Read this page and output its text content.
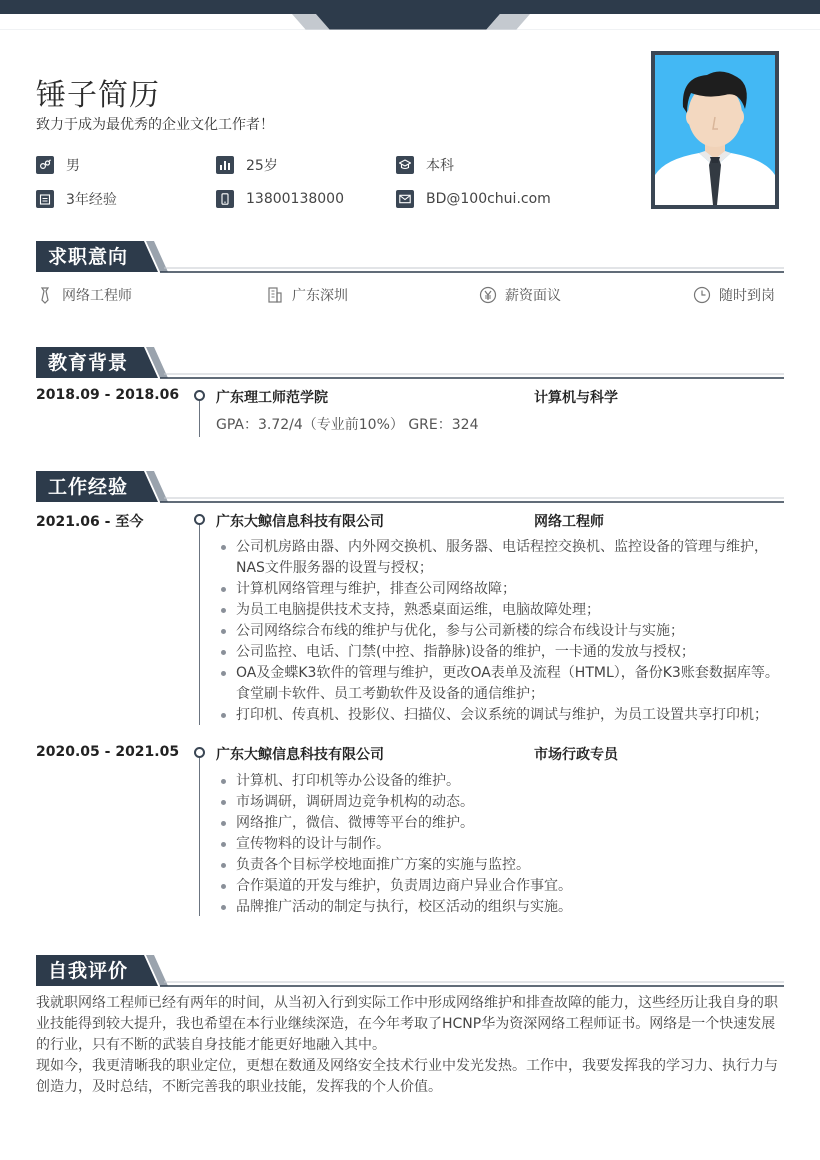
锤子简历
致力于成为最优秀的企业文化工作者！
男	25岁	本科
3年经验	13800138000	BD@100chui.com
求职意向
网络工程师	广东深圳	薪资面议	随时到岗
教育背景
2018.09 - 2018.06	广东理工师范学院	计算机与科学
GPA：3.72/4（专业前10%） GRE：324
工作经验
2021.06 - 至今	广东大鲸信息科技有限公司	网络工程师
公司机房路由器、内外网交换机、服务器、电话程控交换机、监控设备的管理与维护，NAS文件服务器的设置与授权；
计算机网络管理与维护，排查公司网络故障；
为员工电脑提供技术支持，熟悉桌面运维，电脑故障处理；
公司网络综合布线的维护与优化，参与公司新楼的综合布线设计与实施；
公司监控、电话、门禁(中控、指静脉)设备的维护，一卡通的发放与授权；
OA及金蝶K3软件的管理与维护，更改OA表单及流程（HTML），备份K3账套数据库等。食堂刷卡软件、员工考勤软件及设备的通信维护；
打印机、传真机、投影仪、扫描仪、会议系统的调试与维护，为员工设置共享打印机；
2020.05 - 2021.05	广东大鲸信息科技有限公司	市场行政专员
计算机、打印机等办公设备的维护。
市场调研，调研周边竞争机构的动态。
网络推广，微信、微博等平台的维护。
宣传物料的设计与制作。
负责各个目标学校地面推广方案的实施与监控。
合作渠道的开发与维护，负责周边商户异业合作事宜。
品牌推广活动的制定与执行，校区活动的组织与实施。
自我评价

我就职网络工程师已经有两年的时间，从当初入行到实际工作中形成网络维护和排查故障的能力，这些经历让我自身的职业技能得到较大提升，我也希望在本行业继续深造，在今年考取了HCNP华为资深网络工程师证书。网络是一个快速发展的行业，只有不断的武装自身技能才能更好地融入其中。

现如今，我更清晰我的职业定位，更想在数通及网络安全技术行业中发光发热。工作中，我要发挥我的学习力、执行力与创造力，及时总结，不断完善我的职业技能，发挥我的个人价值。
